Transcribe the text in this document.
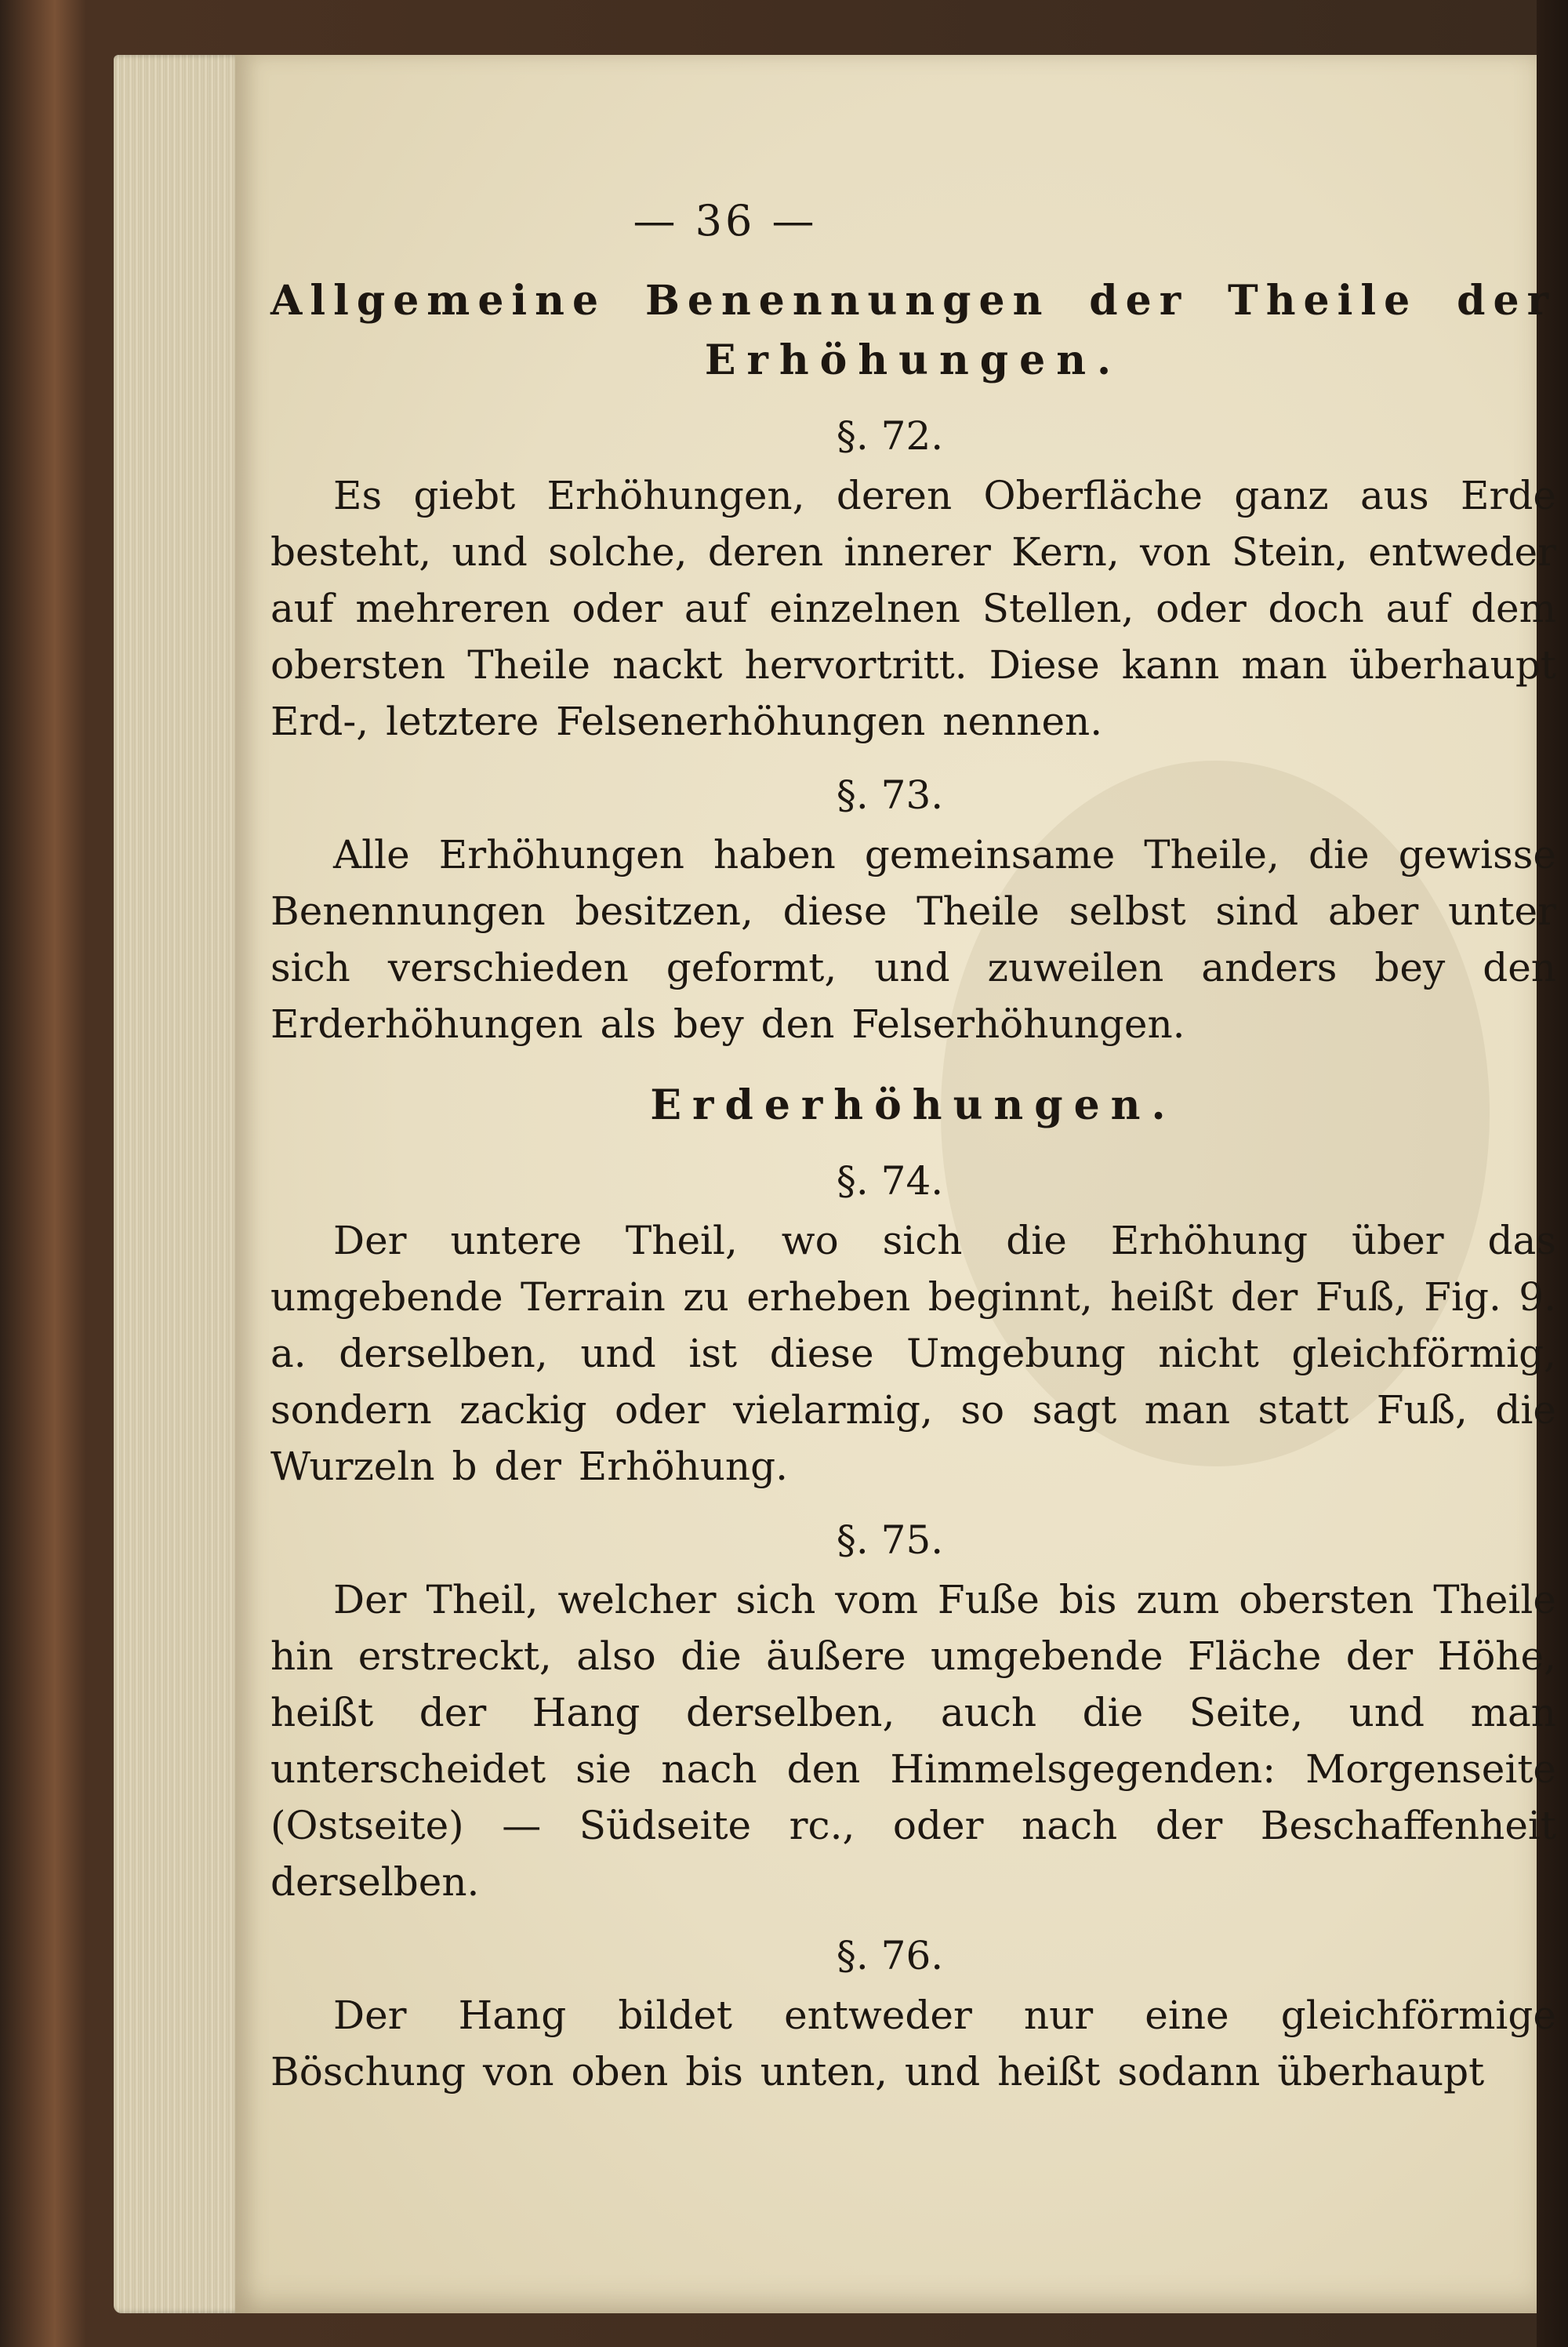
— 36 —

Allgemeine Benennungen der Theile der

Erhöhungen.

§. 72.

Es giebt Erhöhungen, deren Oberfläche ganz aus Erde besteht, und solche, deren innerer Kern, von Stein, entweder auf mehreren oder auf einzelnen Stellen, oder doch auf dem obersten Theile nackt hervortritt. Diese kann man überhaupt Erd-, letztere Felsenerhöhungen nennen.

§. 73.

Alle Erhöhungen haben gemeinsame Theile, die gewisse Benennungen besitzen, diese Theile selbst sind aber unter sich verschieden geformt, und zuweilen anders bey den Erderhöhungen als bey den Felserhöhungen.

Erderhöhungen.

§. 74.

Der untere Theil, wo sich die Erhöhung über das umgebende Terrain zu erheben beginnt, heißt der Fuß, Fig. 9. a. derselben, und ist diese Umgebung nicht gleichförmig, sondern zackig oder vielarmig, so sagt man statt Fuß, die Wurzeln b der Erhöhung.

§. 75.

Der Theil, welcher sich vom Fuße bis zum obersten Theile hin erstreckt, also die äußere umgebende Fläche der Höhe, heißt der Hang derselben, auch die Seite, und man unterscheidet sie nach den Himmelsgegenden: Morgenseite (Ostseite) — Südseite rc., oder nach der Beschaffenheit derselben.

§. 76.

Der Hang bildet entweder nur eine gleichförmige Böschung von oben bis unten, und heißt sodann überhaupt
